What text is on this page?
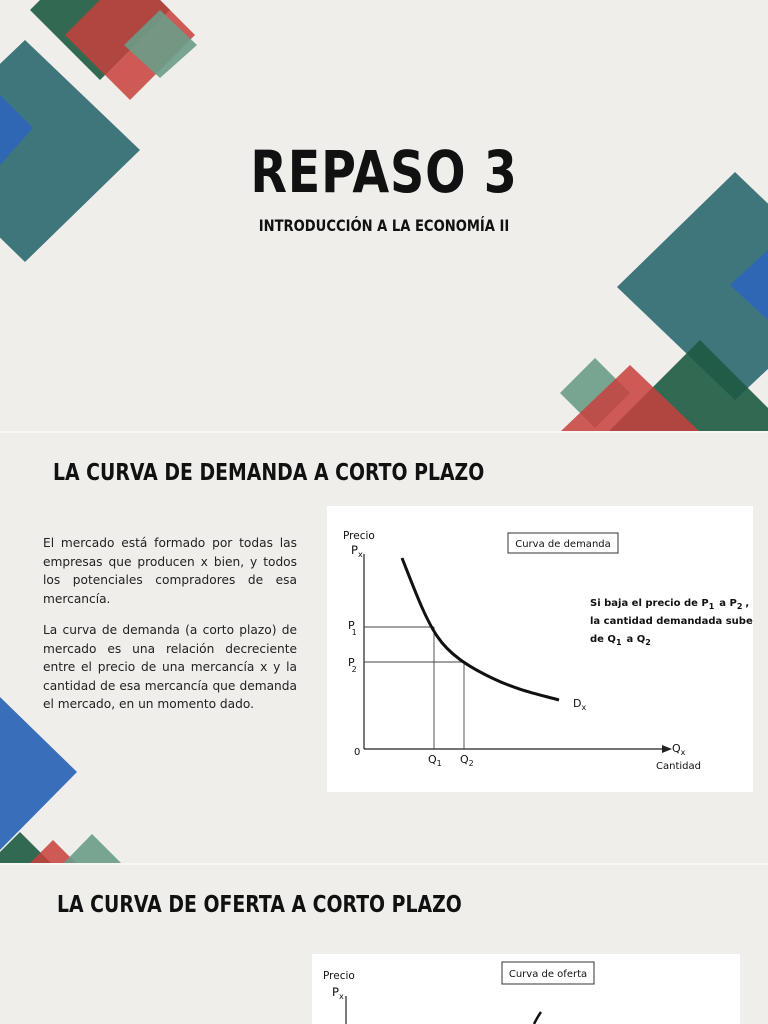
REPASO 3
INTRODUCCIÓN A LA ECONOMÍA II
LA CURVA DE DEMANDA A CORTO PLAZO

El mercado está formado por todas las empresas que producen x bien, y todos los potenciales compradores de esa mercancía.

La curva de demanda (a corto plazo) de mercado es una relación decreciente entre el precio de una mercancía x y la cantidad de esa mercancía que demanda el mercado, en un momento dado.

Precio
$P_x$
Curva de demanda
Si baja el precio de $P_1$ a $P_2$ ,
la cantidad demandada sube
de $Q_1$ a $Q_2$
P 1
P 2
0
$Q_1$ $Q_2$
$Q_x$
Cantidad
$D_x$
LA CURVA DE OFERTA A CORTO PLAZO
Precio
$P_x$
Curva de oferta
